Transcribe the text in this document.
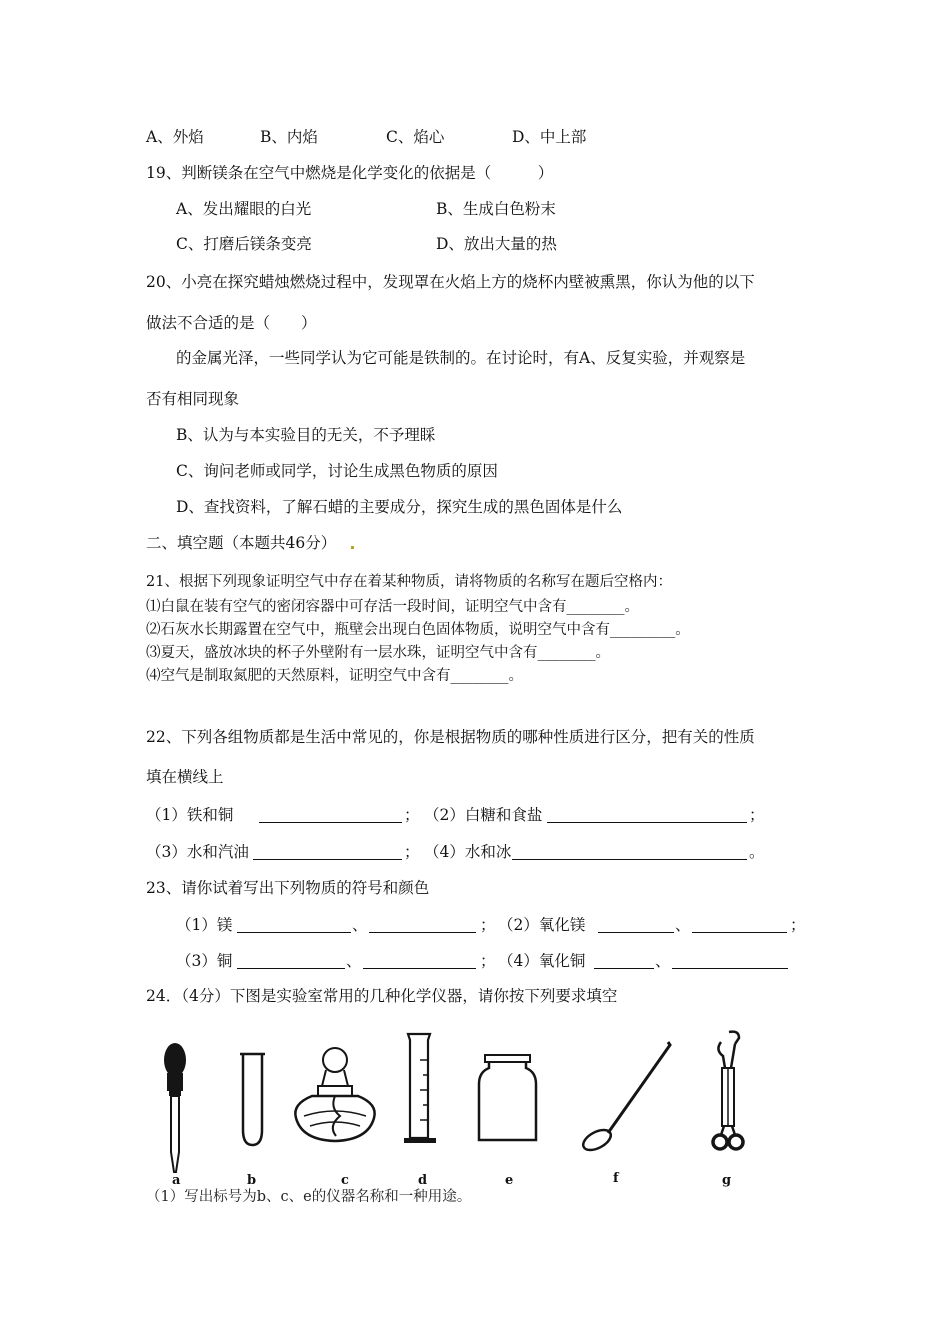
A、外焰	B、内焰	C、焰心	D、中上部
19、判断镁条在空气中燃烧是化学变化的依据是（　　　）
A、发出耀眼的白光	B、生成白色粉末
C、打磨后镁条变亮	D、放出大量的热
20、小亮在探究蜡烛燃烧过程中，发现罩在火焰上方的烧杯内壁被熏黑，你认为他的以下
做法不合适的是（　　）
的金属光泽，一些同学认为它可能是铁制的。在讨论时，有A、反复实验，并观察是
否有相同现象
B、认为与本实验目的无关，不予理睬
C、询问老师或同学，讨论生成黑色物质的原因
D、查找资料，了解石蜡的主要成分，探究生成的黑色固体是什么
二、填空题（本题共46分）
21、根据下列现象证明空气中存在着某种物质，请将物质的名称写在题后空格内：
⑴白鼠在装有空气的密闭容器中可存活一段时间，证明空气中含有________。
⑵石灰水长期露置在空气中，瓶壁会出现白色固体物质，说明空气中含有_________。
⑶夏天，盛放冰块的杯子外壁附有一层水珠，证明空气中含有________。
⑷空气是制取氮肥的天然原料，证明空气中含有________。
22、下列各组物质都是生活中常见的，你是根据物质的哪种性质进行区分，把有关的性质
填在横线上
（1）铁和铜	； （2）白糖和食盐	；
（3）水和汽油	； （4）水和冰	。
23、请你试着写出下列物质的符号和颜色
（1）镁	、	； （2）氧化镁	、	；
（3）铜	、	； （4）氧化铜	、
24．（4分）下图是实验室常用的几种化学仪器，请你按下列要求填空
a	b	c	d	e	f	g
（1）写出标号为b、c、e的仪器名称和一种用途。
